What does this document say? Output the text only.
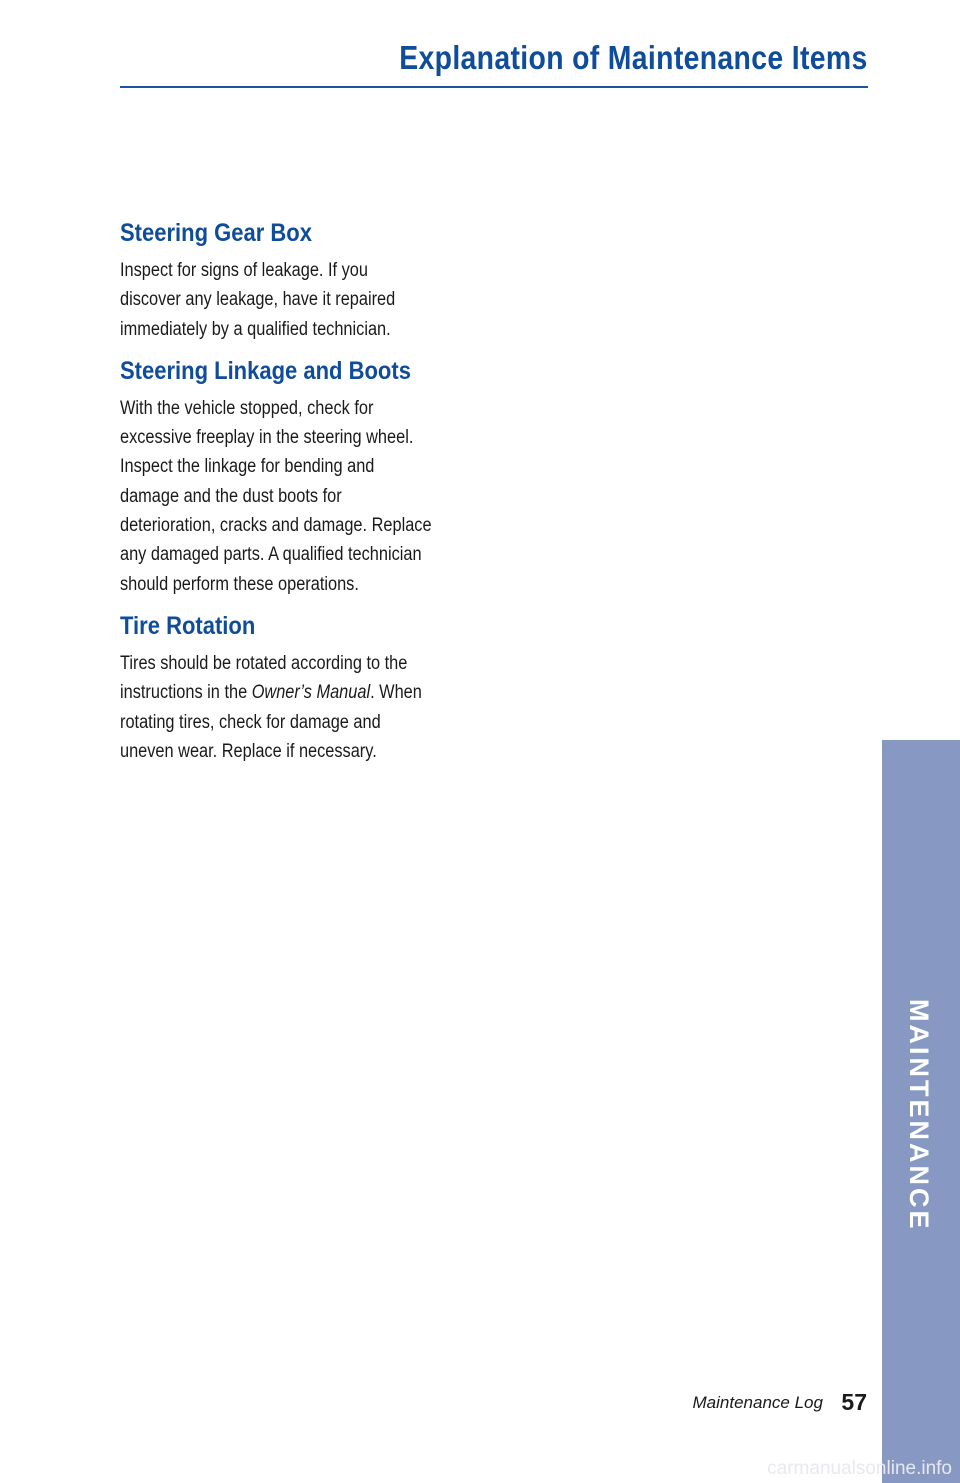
Explanation of Maintenance Items
Steering Gear Box

Inspect for signs of leakage. If you
discover any leakage, have it repaired
immediately by a qualified technician.

Steering Linkage and Boots

With the vehicle stopped, check for
excessive freeplay in the steering wheel.
Inspect the linkage for bending and
damage and the dust boots for
deterioration, cracks and damage. Replace
any damaged parts. A qualified technician
should perform these operations.

Tire Rotation

Tires should be rotated according to the
instructions in the Owner’s Manual. When
rotating tires, check for damage and
uneven wear. Replace if necessary.

MAINTENANCE
Maintenance Log 57
carmanualsonline.info
